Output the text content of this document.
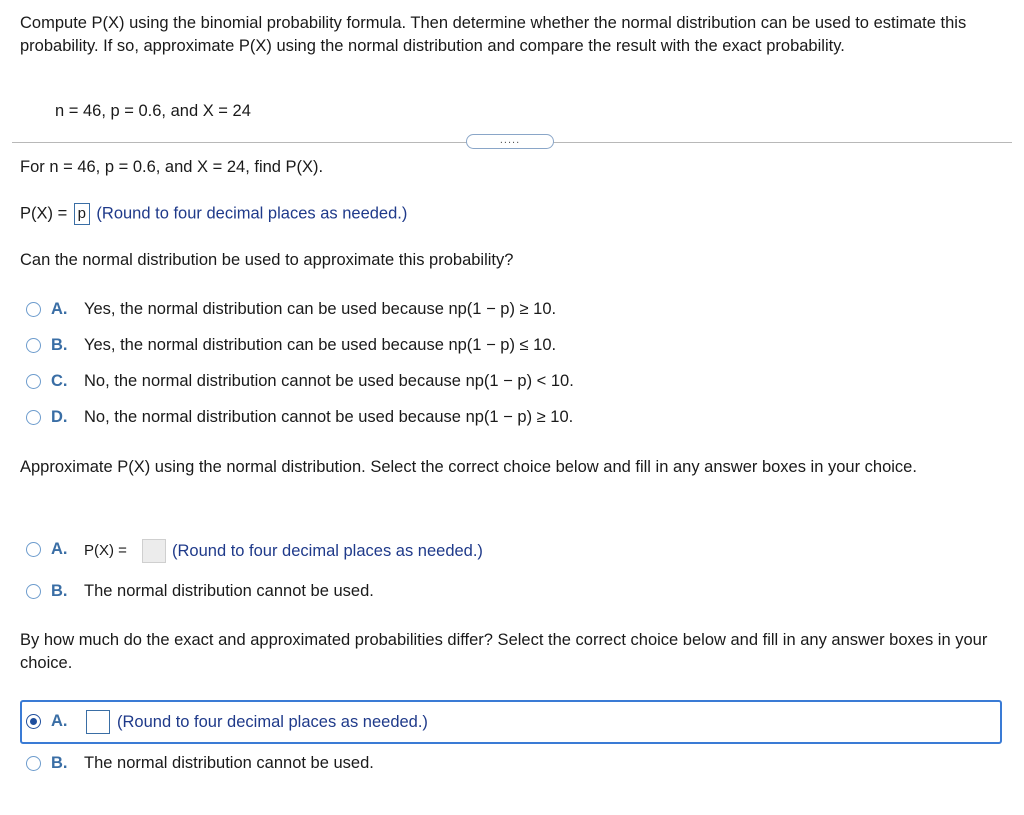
Compute P(X) using the binomial probability formula. Then determine whether the normal distribution can be used to estimate this probability. If so, approximate P(X) using the normal distribution and compare the result with the exact probability.
n = 46, p = 0.6, and X = 24
.....
For n = 46, p = 0.6, and X = 24, find P(X).
P(X) = p (Round to four decimal places as needed.)
Can the normal distribution be used to approximate this probability?
A.	Yes, the normal distribution can be used because np(1 − p) ≥ 10.
B.	Yes, the normal distribution can be used because np(1 − p) ≤ 10.
C.	No, the normal distribution cannot be used because np(1 − p) < 10.
D.	No, the normal distribution cannot be used because np(1 − p) ≥ 10.
Approximate P(X) using the normal distribution. Select the correct choice below and fill in any answer boxes in your choice.
A.	P(X) =	(Round to four decimal places as needed.)
B.	The normal distribution cannot be used.
By how much do the exact and approximated probabilities differ? Select the correct choice below and fill in any answer boxes in your choice.
A.	(Round to four decimal places as needed.)
B.	The normal distribution cannot be used.
